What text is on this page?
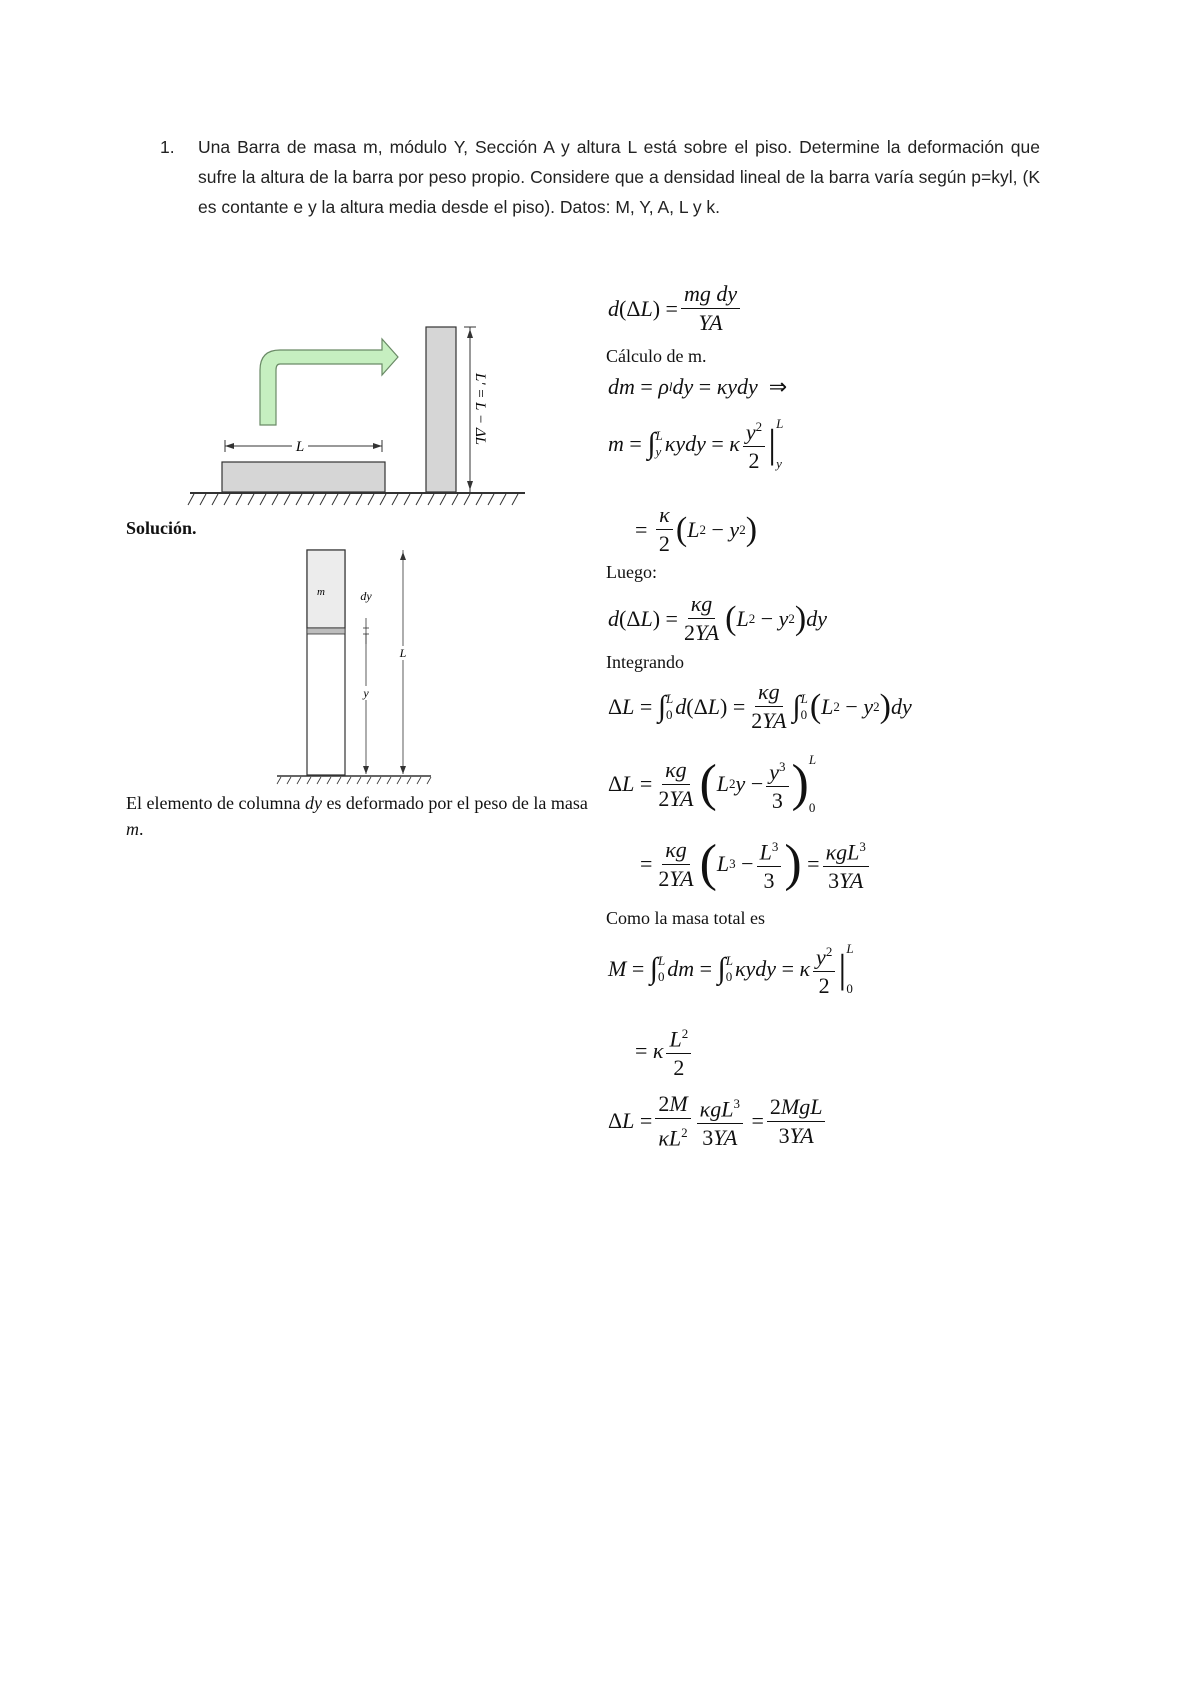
1. Una Barra de masa m, módulo Y, Sección A y altura L está sobre el piso. Determine la deformación que sufre la altura de la barra por peso propio. Considere que a densidad lineal de la barra varía según p=kyl, (K es contante e y la altura media desde el piso). Datos: M, Y, A, L y k.
L
L' = L − ΔL
Solución.
m	dy
y
L
El elemento de columna dy es deformado por el peso de la masa m.
d (Δ L ) = $\frac{\text{mg dy}}{YA}$
Cálculo de m.
dm = ρ l dy = κydy ⇒
m = ∫ L
y κydy = κ $\frac{y^2}{2}$ | L
y
= $\frac{\kappa}{2}$ ( L 2 − y 2 )
Luego:
d (Δ L ) = $\frac{\kappa g}{2YA}$ ( L 2 − y 2 ) dy
Integrando
Δ L = ∫ L
0 d (Δ L ) = $\frac{\kappa g}{2YA}$ ∫ L
0 ( L 2 − y 2 ) dy
Δ $L = \frac{\kappa g}{2YA}$ ( L 2 $y - \frac{y^3}{3}$ ) L
0
= $\frac{\kappa g}{2YA}$ ( L $3 - \frac{L^3}{3}$ ) = $\frac{\kappa gL^3}{3YA}$
Como la masa total es
M = ∫ L
0 dm = ∫ L
0 κydy = κ $\frac{y^2}{2}$ | L
0
= κ $\frac{L^2}{2}$
Δ $L = \frac{2M}{\kappa L^2} \frac{\kappa gL^3}{3YA} = \frac{\text{2MgL}}{3YA}$
